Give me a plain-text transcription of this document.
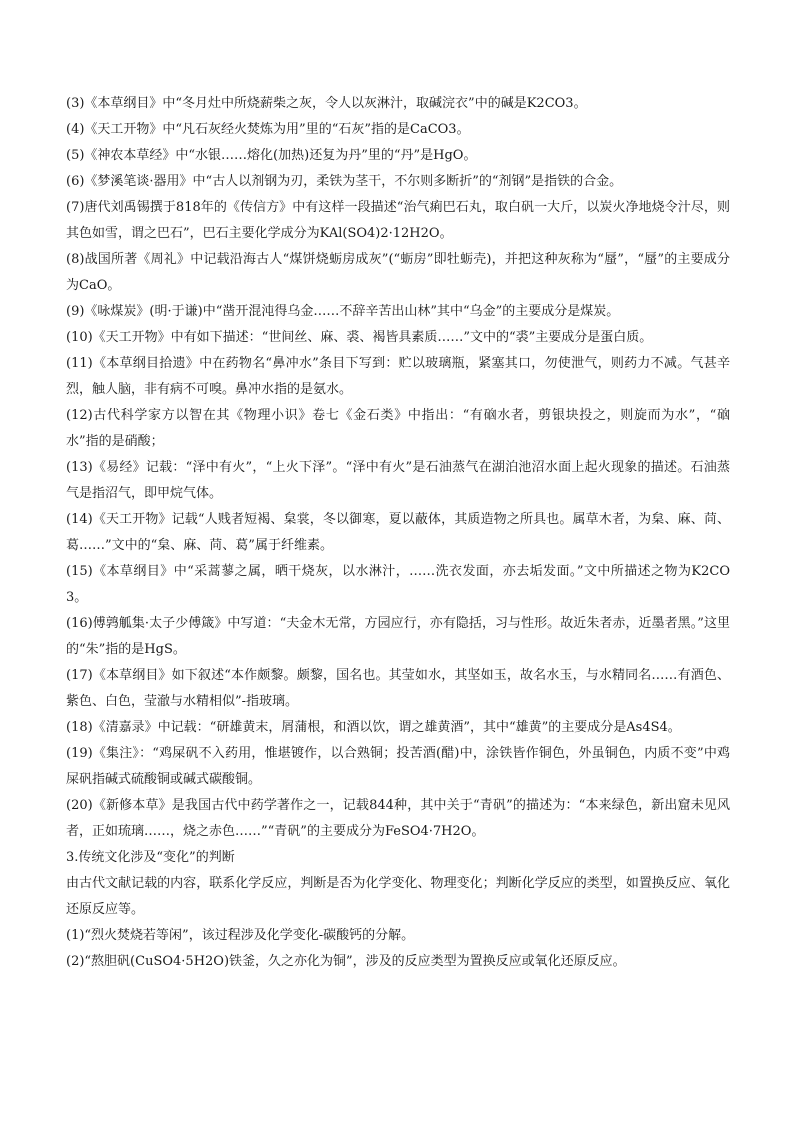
(3)《本草纲目》中“冬月灶中所烧薪柴之灰，令人以灰淋汁，取碱浣衣”中的碱是K2CO3。

(4)《天工开物》中“凡石灰经火焚炼为用”里的“石灰”指的是CaCO3。

(5)《神农本草经》中“水银……熔化(加热)还复为丹”里的“丹”是HgO。

(6)《梦溪笔谈·器用》中“古人以剂钢为刃，柔铁为茎干，不尔则多断折”的“剂钢”是指铁的合金。

(7)唐代刘禹锡撰于818年的《传信方》中有这样一段描述“治气痢巴石丸，取白矾一大斤，以炭火净地烧令汁尽，则其色如雪，谓之巴石”，巴石主要化学成分为KAl(SO4)2·12H2O。

(8)战国所著《周礼》中记载沿海古人“煤饼烧蛎房成灰”(“蛎房”即牡蛎壳)，并把这种灰称为“蜃”，“蜃”的主要成分为CaO。

(9)《咏煤炭》(明·于谦)中“凿开混沌得乌金……不辞辛苦出山林”其中“乌金”的主要成分是煤炭。

(10)《天工开物》中有如下描述：“世间丝、麻、裘、褐皆具素质……”文中的“裘”主要成分是蛋白质。

(11)《本草纲目拾遗》中在药物名“鼻冲水”条目下写到：贮以玻璃瓶，紧塞其口，勿使泄气，则药力不减。气甚辛烈，触人脑，非有病不可嗅。鼻冲水指的是氨水。

(12)古代科学家方以智在其《物理小识》卷七《金石类》中指出：“有硇水者，剪银块投之，则旋而为水”，“硇水”指的是硝酸；

(13)《易经》记载：“泽中有火”，“上火下泽”。“泽中有火”是石油蒸气在湖泊池沼水面上起火现象的描述。石油蒸气是指沼气，即甲烷气体。

(14)《天工开物》记载“人贱者短褐、枲裳，冬以御寒，夏以蔽体，其质造物之所具也。属草木者，为枲、麻、苘、葛……”文中的“枲、麻、苘、葛”属于纤维素。

(15)《本草纲目》中“采蒿蓼之属，晒干烧灰，以水淋汁，……洗衣发面，亦去垢发面。”文中所描述之物为K2CO3。

(16)傅鹑觚集·太子少傅箴》中写道：“夫金木无常，方园应行，亦有隐括，习与性形。故近朱者赤，近墨者黑。”这里的“朱”指的是HgS。

(17)《本草纲目》如下叙述“本作颇黎。颇黎，国名也。其莹如水，其坚如玉，故名水玉，与水精同名……有酒色、紫色、白色，莹澈与水精相似”-指玻璃。

(18)《清嘉录》中记载：“研雄黄末，屑蒲根，和酒以饮，谓之雄黄酒”，其中“雄黄”的主要成分是As4S4。

(19)《集注》：“鸡屎矾不入药用，惟堪镀作，以合熟铜；投苦酒(醋)中，涂铁皆作铜色，外虽铜色，内质不变”中鸡屎矾指碱式硫酸铜或碱式碳酸铜。

(20)《新修本草》是我国古代中药学著作之一，记载844种，其中关于“青矾”的描述为：“本来绿色，新出窟未见风者，正如琉璃……，烧之赤色……”“青矾”的主要成分为FeSO4·7H2O。

3.传统文化涉及“变化”的判断

由古代文献记载的内容，联系化学反应，判断是否为化学变化、物理变化；判断化学反应的类型，如置换反应、氧化还原反应等。

(1)“烈火焚烧若等闲”，该过程涉及化学变化-碳酸钙的分解。

(2)“熬胆矾(CuSO4·5H2O)铁釜，久之亦化为铜”，涉及的反应类型为置换反应或氧化还原反应。
